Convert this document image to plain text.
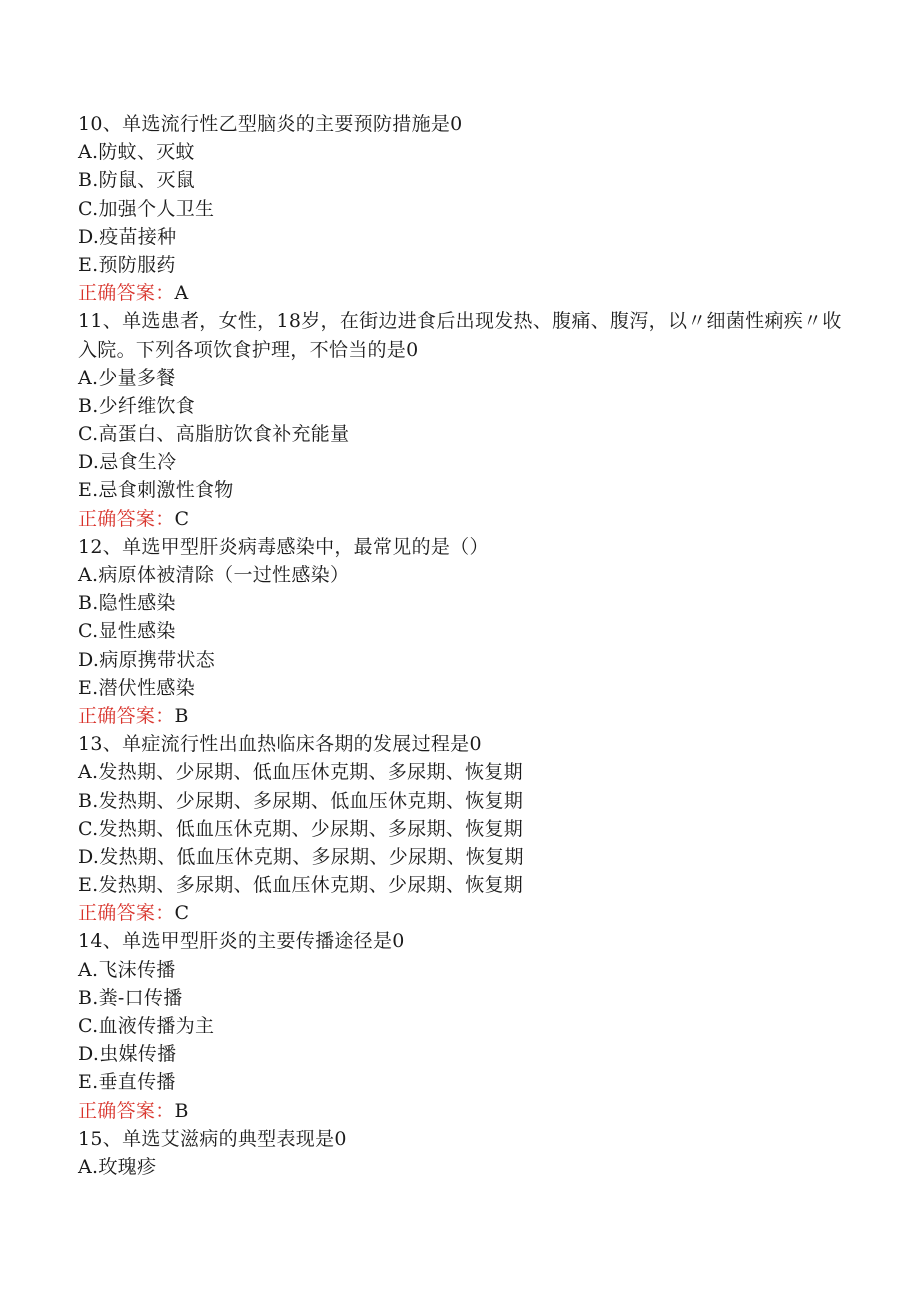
10、单选流行性乙型脑炎的主要预防措施是0
A.防蚊、灭蚊
B.防鼠、灭鼠
C.加强个人卫生
D.疫苗接种
E.预防服药
正确答案：A
11、单选患者，女性，18岁，在街边进食后出现发热、腹痛、腹泻，以〃细菌性痢疾〃收入院。下列各项饮食护理，不恰当的是0
A.少量多餐
B.少纤维饮食
C.高蛋白、高脂肪饮食补充能量
D.忌食生冷
E.忌食刺激性食物
正确答案：C
12、单选甲型肝炎病毒感染中，最常见的是（）
A.病原体被清除（一过性感染）
B.隐性感染
C.显性感染
D.病原携带状态
E.潜伏性感染
正确答案：B
13、单症流行性出血热临床各期的发展过程是0
A.发热期、少尿期、低血压休克期、多尿期、恢复期
B.发热期、少尿期、多尿期、低血压休克期、恢复期
C.发热期、低血压休克期、少尿期、多尿期、恢复期
D.发热期、低血压休克期、多尿期、少尿期、恢复期
E.发热期、多尿期、低血压休克期、少尿期、恢复期
正确答案：C
14、单选甲型肝炎的主要传播途径是0
A.飞沫传播
B.粪-口传播
C.血液传播为主
D.虫媒传播
E.垂直传播
正确答案：B
15、单选艾滋病的典型表现是0
A.玫瑰疹
